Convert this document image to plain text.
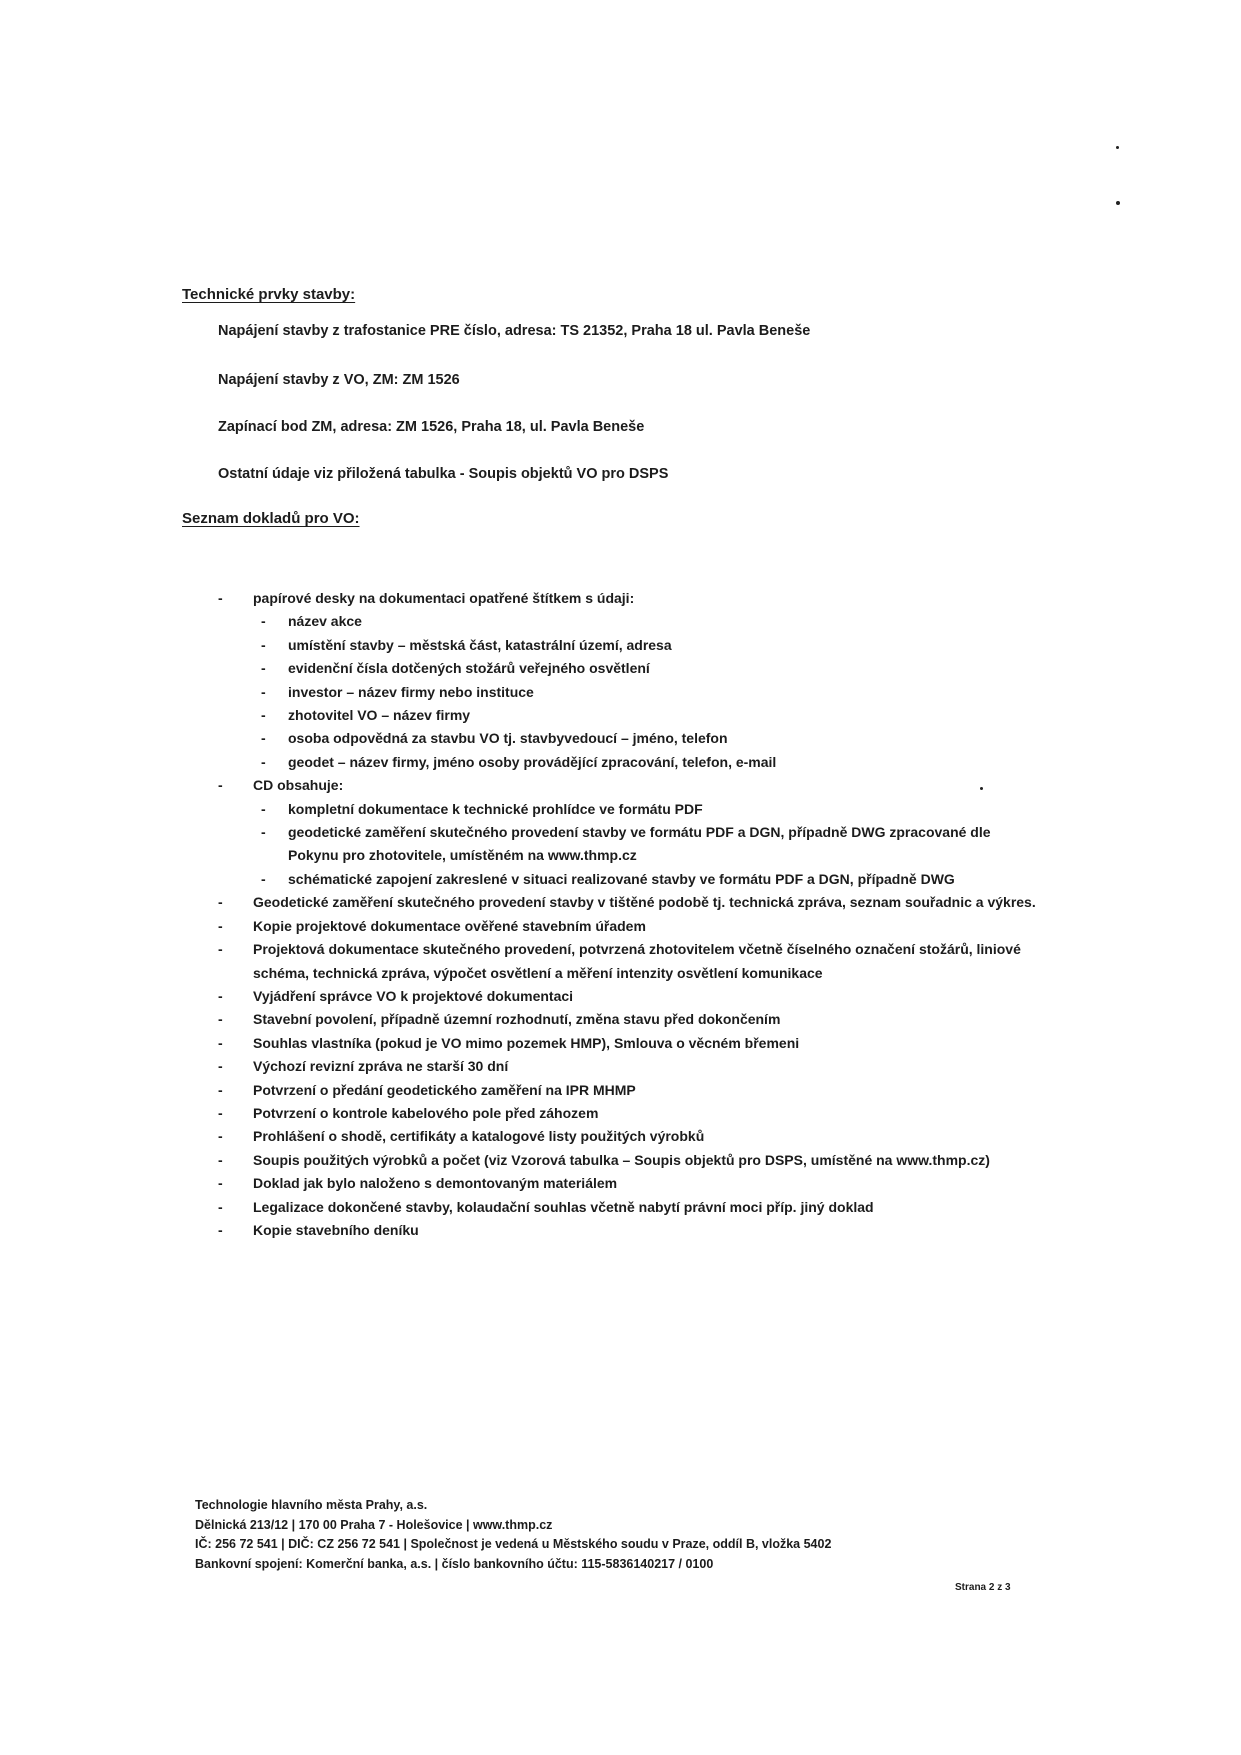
Technické prvky stavby:
Napájení stavby z trafostanice PRE číslo, adresa: TS 21352, Praha 18 ul. Pavla Beneše
Napájení stavby z VO, ZM: ZM 1526
Zapínací bod ZM, adresa: ZM 1526, Praha 18, ul. Pavla Beneše
Ostatní údaje viz přiložená tabulka - Soupis objektů VO pro DSPS
Seznam dokladů pro VO:
- papírové desky na dokumentaci opatřené štítkem s údaji:
- název akce
- umístění stavby – městská část, katastrální území, adresa
- evidenční čísla dotčených stožárů veřejného osvětlení
- investor – název firmy nebo instituce
- zhotovitel VO – název firmy
- osoba odpovědná za stavbu VO tj. stavbyvedoucí – jméno, telefon
- geodet – název firmy, jméno osoby provádějící zpracování, telefon, e-mail
- CD obsahuje:
- kompletní dokumentace k technické prohlídce ve formátu PDF
- geodetické zaměření skutečného provedení stavby ve formátu PDF a DGN, případně DWG zpracované dle Pokynu pro zhotovitele, umístěném na www.thmp.cz
- schématické zapojení zakreslené v situaci realizované stavby ve formátu PDF a DGN, případně DWG
- Geodetické zaměření skutečného provedení stavby v tištěné podobě tj. technická zpráva, seznam souřadnic a výkres.
- Kopie projektové dokumentace ověřené stavebním úřadem
- Projektová dokumentace skutečného provedení, potvrzená zhotovitelem včetně číselného označení stožárů, liniové schéma, technická zpráva, výpočet osvětlení a měření intenzity osvětlení komunikace
- Vyjádření správce VO k projektové dokumentaci
- Stavební povolení, případně územní rozhodnutí, změna stavu před dokončením
- Souhlas vlastníka (pokud je VO mimo pozemek HMP), Smlouva o věcném břemeni
- Výchozí revizní zpráva ne starší 30 dní
- Potvrzení o předání geodetického zaměření na IPR MHMP
- Potvrzení o kontrole kabelového pole před záhozem
- Prohlášení o shodě, certifikáty a katalogové listy použitých výrobků
- Soupis použitých výrobků a počet (viz Vzorová tabulka – Soupis objektů pro DSPS, umístěné na www.thmp.cz)
- Doklad jak bylo naloženo s demontovaným materiálem
- Legalizace dokončené stavby, kolaudační souhlas včetně nabytí právní moci příp. jiný doklad
- Kopie stavebního deníku
Technologie hlavního města Prahy, a.s.
Dělnická 213/12 | 170 00 Praha 7 - Holešovice | www.thmp.cz
IČ: 256 72 541 | DIČ: CZ 256 72 541 | Společnost je vedená u Městského soudu v Praze, oddíl B, vložka 5402
Bankovní spojení: Komerční banka, a.s. | číslo bankovního účtu: 115-5836140217 / 0100
Strana 2 z 3
